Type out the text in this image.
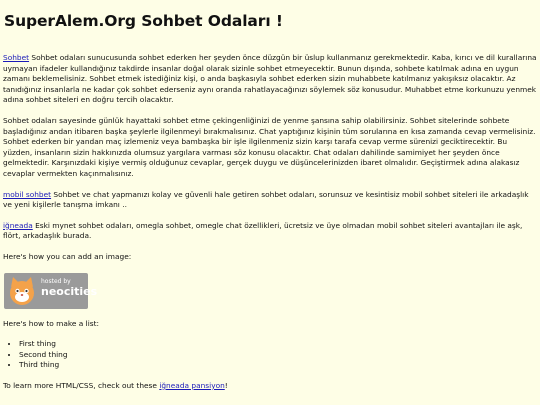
SuperAlem.Org Sohbet Odaları !

Sohbet Sohbet odaları sunucusunda sohbet ederken her şeyden önce düzgün bir üslup kullanmanız gerekmektedir. Kaba, kırıcı ve dil kurallarına uymayan ifadeler kullandığınız takdirde insanlar doğal olarak sizinle sohbet etmeyecektir. Bunun dışında, sohbete katılmak adına en uygun zamanı beklemelisiniz. Sohbet etmek istediğiniz kişi, o anda başkasıyla sohbet ederken sizin muhabbete katılmanız yakışıksız olacaktır. Az tanıdığınız insanlarla ne kadar çok sohbet ederseniz aynı oranda rahatlayacağınızı söylemek söz konusudur. Muhabbet etme korkunuzu yenmek adına sohbet siteleri en doğru tercih olacaktır.

Sohbet odaları sayesinde günlük hayattaki sohbet etme çekingenliğinizi de yenme şansına sahip olabilirsiniz. Sohbet sitelerinde sohbete başladığınız andan itibaren başka şeylerle ilgilenmeyi bırakmalısınız. Chat yaptığınız kişinin tüm sorularına en kısa zamanda cevap vermelisiniz. Sohbet ederken bir yandan maç izlemeniz veya bambaşka bir işle ilgilenmeniz sizin karşı tarafa cevap verme sürenizi geciktirecektir. Bu yüzden, insanların sizin hakkınızda olumsuz yargılara varması söz konusu olacaktır. Chat odaları dahilinde samimiyet her şeyden önce gelmektedir. Karşınızdaki kişiye vermiş olduğunuz cevaplar, gerçek duygu ve düşüncelerinizden ibaret olmalıdır. Geçiştirmek adına alakasız cevaplar vermekten kaçınmalısınız.

mobil sohbet Sohbet ve chat yapmanızı kolay ve güvenli hale getiren sohbet odaları, sorunsuz ve kesintisiz mobil sohbet siteleri ile arkadaşlık ve yeni kişilerle tanışma imkanı ..

iğneada Eski mynet sohbet odaları, omegla sohbet, omegle chat özellikleri, ücretsiz ve üye olmadan mobil sohbet siteleri avantajları ile aşk, flört, arkadaşlık burada.

Here's how you can add an image:

hosted by
neocities

Here's how to make a list:

• First thing
• Second thing
• Third thing

To learn more HTML/CSS, check out these iğneada pansiyon!
